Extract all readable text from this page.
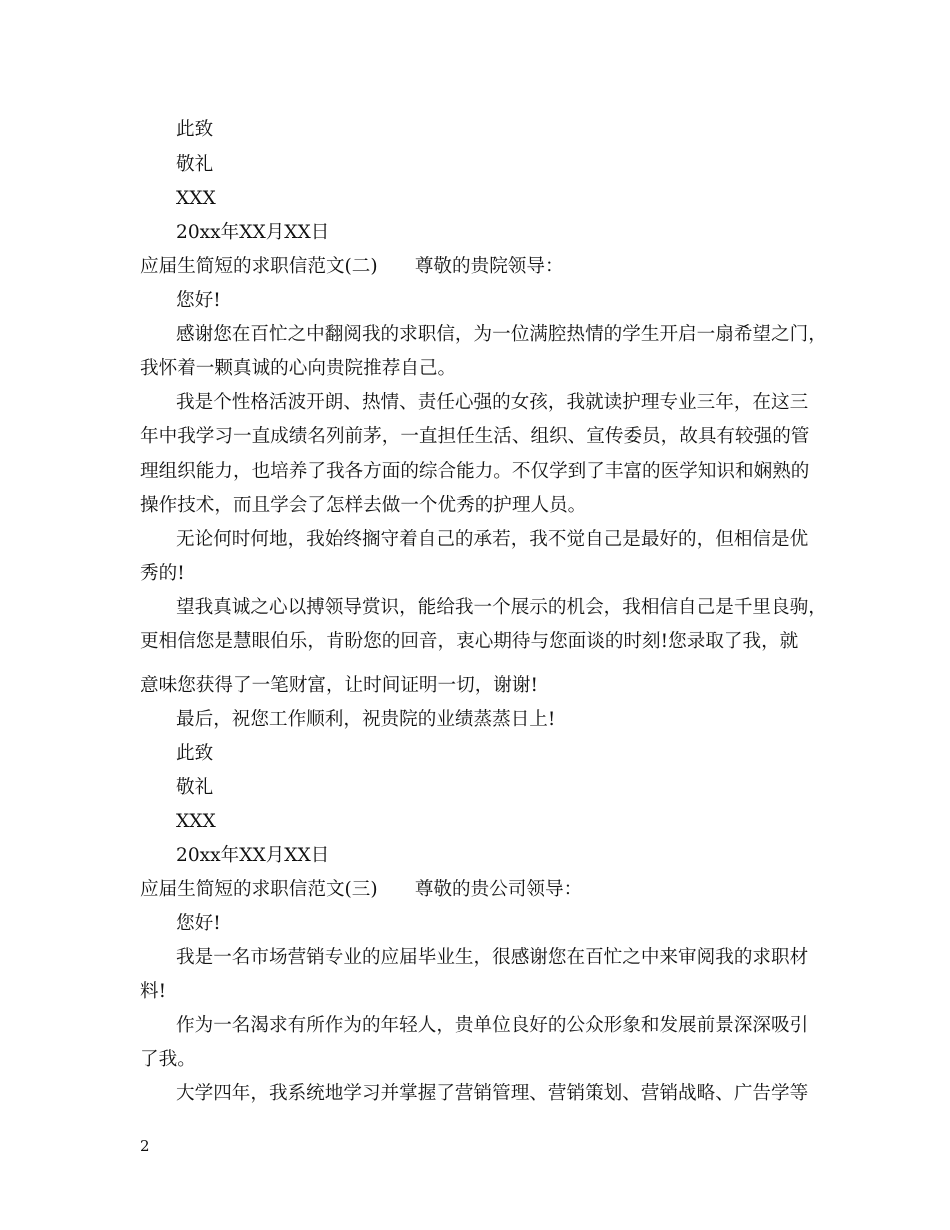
此致
敬礼
XXX
20xx年XX月XX日
应届生简短的求职信范文(二)　　尊敬的贵院领导：
您好!
感谢您在百忙之中翻阅我的求职信，为一位满腔热情的学生开启一扇希望之门，
我怀着一颗真诚的心向贵院推荐自己。
我是个性格活波开朗、热情、责任心强的女孩，我就读护理专业三年，在这三
年中我学习一直成绩名列前茅，一直担任生活、组织、宣传委员，故具有较强的管
理组织能力，也培养了我各方面的综合能力。不仅学到了丰富的医学知识和娴熟的
操作技术，而且学会了怎样去做一个优秀的护理人员。
无论何时何地，我始终搁守着自己的承若，我不觉自己是最好的，但相信是优
秀的!
望我真诚之心以搏领导赏识，能给我一个展示的机会，我相信自己是千里良驹，
更相信您是慧眼伯乐，肯盼您的回音，衷心期待与您面谈的时刻!您录取了我，就
意味您获得了一笔财富，让时间证明一切，谢谢!
最后，祝您工作顺利，祝贵院的业绩蒸蒸日上!
此致
敬礼
XXX
20xx年XX月XX日
应届生简短的求职信范文(三)　　尊敬的贵公司领导：
您好!
我是一名市场营销专业的应届毕业生，很感谢您在百忙之中来审阅我的求职材
料!
作为一名渴求有所作为的年轻人，贵单位良好的公众形象和发展前景深深吸引
了我。
大学四年，我系统地学习并掌握了营销管理、营销策划、营销战略、广告学等
2
